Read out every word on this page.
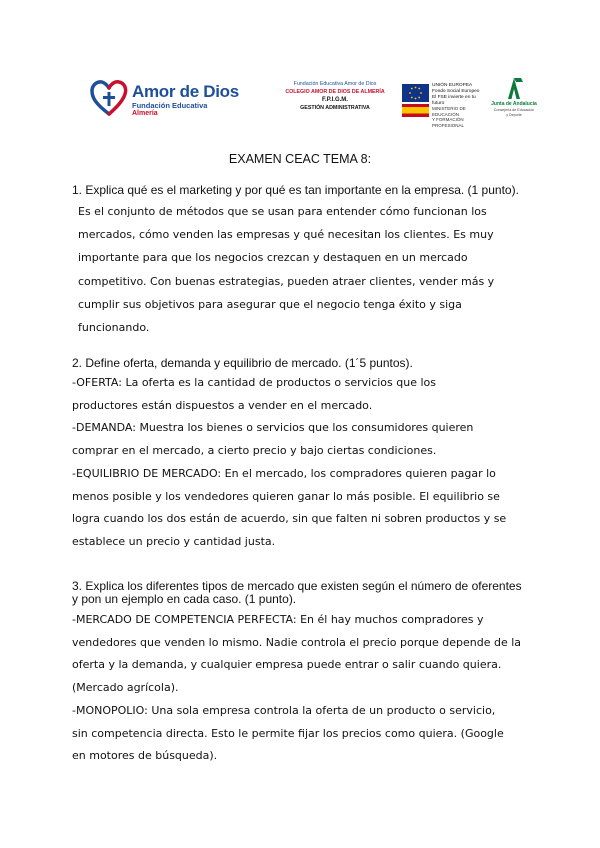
Amor de Dios
Fundación Educativa
Almería
Fundación Educativa Amor de Dios
COLEGIO AMOR DE DIOS DE ALMERÍA
F.P.I.G.M.
GESTIÓN ADMINISTRATIVA
UNIÓN EUROPEA
Fondo Social Europeo
El FSE invierte en tu futuro
MINISTERIO DE EDUCACIÓN
Y FORMACIÓN PROFESIONAL
Junta de Andalucía
Consejería de Educación
y Deporte
EXAMEN CEAC TEMA 8:
1. Explica qué es el marketing y por qué es tan importante en la empresa. (1 punto).
Es el conjunto de métodos que se usan para entender cómo funcionan los
mercados, cómo venden las empresas y qué necesitan los clientes. Es muy
importante para que los negocios crezcan y destaquen en un mercado
competitivo. Con buenas estrategias, pueden atraer clientes, vender más y
cumplir sus objetivos para asegurar que el negocio tenga éxito y siga
funcionando.
2. Define oferta, demanda y equilibrio de mercado. (1´5 puntos).
-OFERTA: La oferta es la cantidad de productos o servicios que los
productores están dispuestos a vender en el mercado.
-DEMANDA: Muestra los bienes o servicios que los consumidores quieren
comprar en el mercado, a cierto precio y bajo ciertas condiciones.
-EQUILIBRIO DE MERCADO: En el mercado, los compradores quieren pagar lo
menos posible y los vendedores quieren ganar lo más posible. El equilibrio se
logra cuando los dos están de acuerdo, sin que falten ni sobren productos y se
establece un precio y cantidad justa.
3. Explica los diferentes tipos de mercado que existen según el número de oferentes
y pon un ejemplo en cada caso. (1 punto).
-MERCADO DE COMPETENCIA PERFECTA: En él hay muchos compradores y
vendedores que venden lo mismo. Nadie controla el precio porque depende de la
oferta y la demanda, y cualquier empresa puede entrar o salir cuando quiera.
(Mercado agrícola).
-MONOPOLIO: Una sola empresa controla la oferta de un producto o servicio,
sin competencia directa. Esto le permite fijar los precios como quiera. (Google
en motores de búsqueda).
